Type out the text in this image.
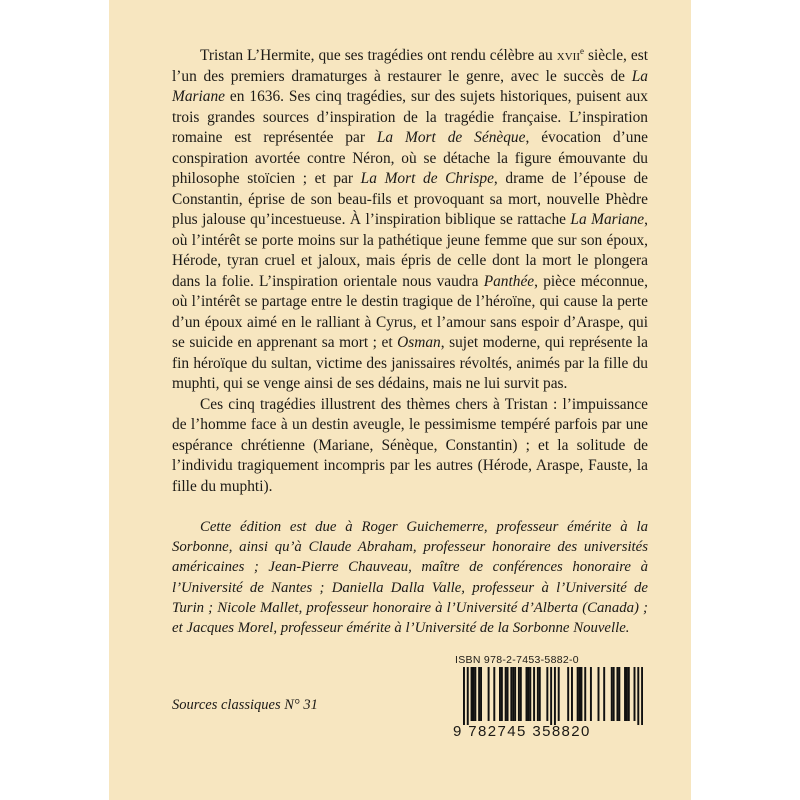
Tristan L’Hermite, que ses tragédies ont rendu célèbre au xvii$^e$ siècle, est l’un des premiers dramaturges à restaurer le genre, avec le succès de La Mariane en 1636. Ses cinq tragédies, sur des sujets historiques, puisent aux trois grandes sources d’inspiration de la tragédie française. L’inspiration romaine est représentée par La Mort de Sénèque, évocation d’une conspiration avortée contre Néron, où se détache la figure émouvante du philosophe stoïcien ; et par La Mort de Chrispe, drame de l’épouse de Constantin, éprise de son beau-fils et provoquant sa mort, nouvelle Phèdre plus jalouse qu’incestueuse. À l’inspiration biblique se rattache La Mariane, où l’intérêt se porte moins sur la pathétique jeune femme que sur son époux, Hérode, tyran cruel et jaloux, mais épris de celle dont la mort le plongera dans la folie. L’inspiration orientale nous vaudra Panthée, pièce méconnue, où l’intérêt se partage entre le destin tragique de l’héroïne, qui cause la perte d’un époux aimé en le ralliant à Cyrus, et l’amour sans espoir d’Araspe, qui se suicide en apprenant sa mort ; et Osman, sujet moderne, qui représente la fin héroïque du sultan, victime des janissaires révoltés, animés par la fille du muphti, qui se venge ainsi de ses dédains, mais ne lui survit pas.

Ces cinq tragédies illustrent des thèmes chers à Tristan : l’impuissance de l’homme face à un destin aveugle, le pessimisme tempéré parfois par une espérance chrétienne (Mariane, Sénèque, Constantin) ; et la solitude de l’individu tragiquement incompris par les autres (Hérode, Araspe, Fauste, la fille du muphti).

Cette édition est due à Roger Guichemerre, professeur émérite à la Sorbonne, ainsi qu’à Claude Abraham, professeur honoraire des universités américaines ; Jean-Pierre Chauveau, maître de conférences honoraire à l’Université de Nantes ; Daniella Dalla Valle, professeur à l’Université de Turin ; Nicole Mallet, professeur honoraire à l’Université d’Alberta (Canada) ; et Jacques Morel, professeur émérite à l’Université de la Sorbonne Nouvelle.

Sources classiques N° 31
ISBN 978-2-7453-5882-0
9 782745 358820
